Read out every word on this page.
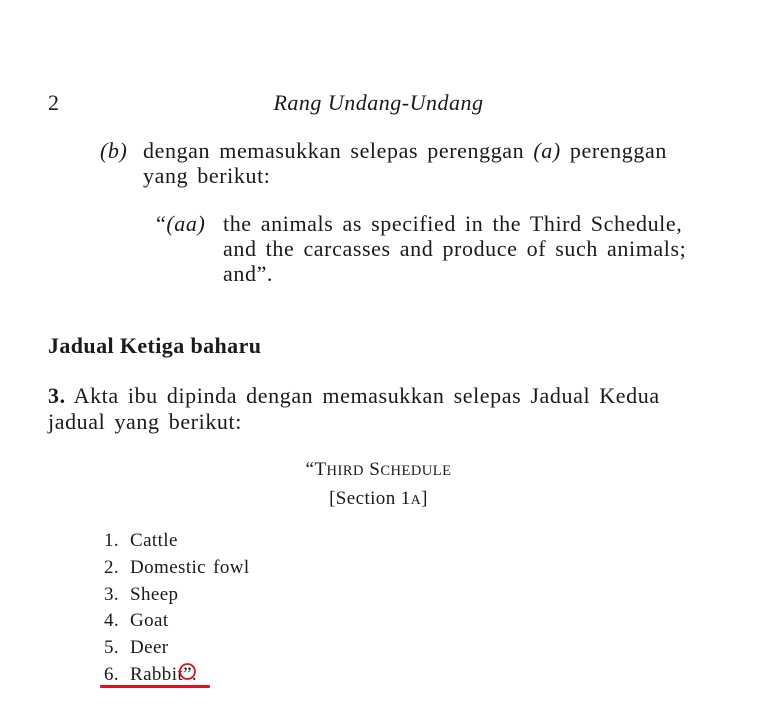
2	Rang Undang-Undang
(b) dengan memasukkan selepas perenggan (a) perenggan
yang berikut:
“(aa) the animals as specified in the Third Schedule,
and the carcasses and produce of such animals;
and”.
Jadual Ketiga baharu
3. Akta ibu dipinda dengan memasukkan selepas Jadual Kedua
jadual yang berikut:
“THIRD SCHEDULE
[Section 1A]
1. Cattle
2. Domestic fowl
3. Sheep
4. Goat
5. Deer
6. Rabbit”.
